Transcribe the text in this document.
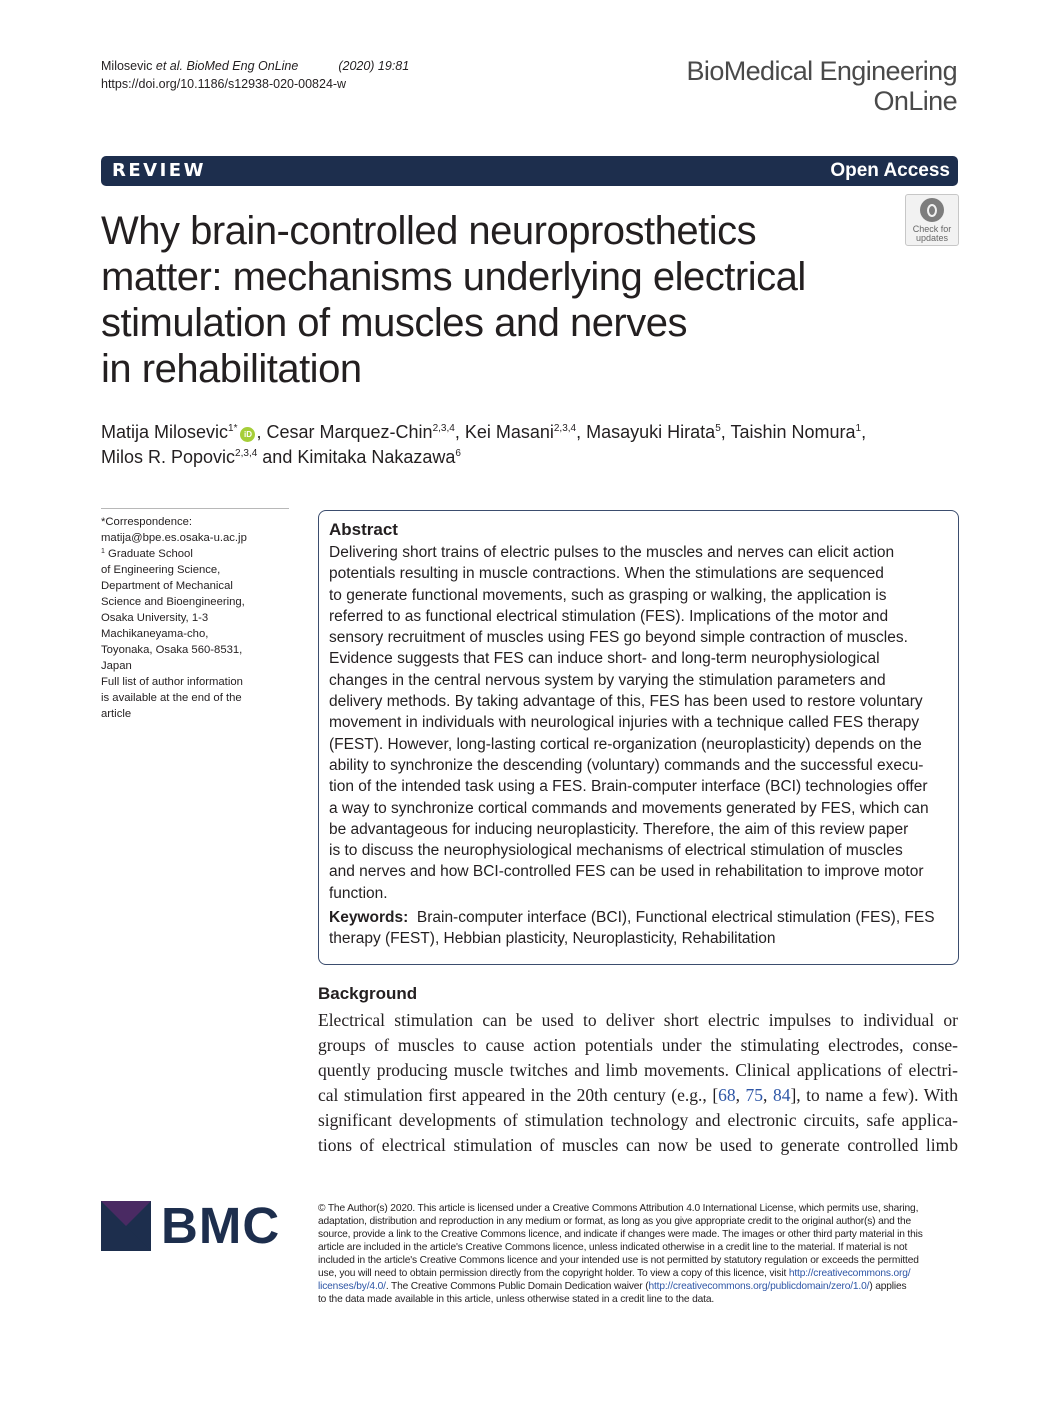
Milosevic et al. BioMed Eng OnLine	(2020) 19:81
https://doi.org/10.1186/s12938-020-00824-w	BioMedical Engineering
OnLine
REVIEW	Open Access
Why brain-controlled neuroprosthetics
matter: mechanisms underlying electrical
stimulation of muscles and nerves
in rehabilitation
Check for
updates
Matija Milosevic$^{1*}$iD , Cesar Marquez-Chin$^{2,3,4}$, Kei Masani$^{2,3,4}$, Masayuki Hirata$^5$, Taishin Nomura$^1$,
Milos R. Popovic$^{2,3,4}$ and Kimitaka Nakazawa$^6$
*Correspondence:
matija@bpe.es.osaka-u.ac.jp
$^1$ Graduate School
of Engineering Science,
Department of Mechanical
Science and Bioengineering,
Osaka University, 1-3
Machikaneyama-cho,
Toyonaka, Osaka 560-8531,
Japan
Full list of author information
is available at the end of the
article
Abstract
Delivering short trains of electric pulses to the muscles and nerves can elicit action
potentials resulting in muscle contractions. When the stimulations are sequenced
to generate functional movements, such as grasping or walking, the application is
referred to as functional electrical stimulation (FES). Implications of the motor and
sensory recruitment of muscles using FES go beyond simple contraction of muscles.
Evidence suggests that FES can induce short- and long-term neurophysiological
changes in the central nervous system by varying the stimulation parameters and
delivery methods. By taking advantage of this, FES has been used to restore voluntary
movement in individuals with neurological injuries with a technique called FES therapy
(FEST). However, long-lasting cortical re-organization (neuroplasticity) depends on the
ability to synchronize the descending (voluntary) commands and the successful execu-
tion of the intended task using a FES. Brain-computer interface (BCI) technologies offer
a way to synchronize cortical commands and movements generated by FES, which can
be advantageous for inducing neuroplasticity. Therefore, the aim of this review paper
is to discuss the neurophysiological mechanisms of electrical stimulation of muscles
and nerves and how BCI-controlled FES can be used in rehabilitation to improve motor
function.
Keywords: Brain-computer interface (BCI), Functional electrical stimulation (FES), FES
therapy (FEST), Hebbian plasticity, Neuroplasticity, Rehabilitation
Background
Electrical stimulation can be used to deliver short electric impulses to individual or
groups of muscles to cause action potentials under the stimulating electrodes, conse-
quently producing muscle twitches and limb movements. Clinical applications of electri-
cal stimulation first appeared in the 20th century (e.g., [68, 75, 84], to name a few). With
significant developments of stimulation technology and electronic circuits, safe applica-
tions of electrical stimulation of muscles can now be used to generate controlled limb
BMC	© The Author(s) 2020. This article is licensed under a Creative Commons Attribution 4.0 International License, which permits use, sharing,
adaptation, distribution and reproduction in any medium or format, as long as you give appropriate credit to the original author(s) and the
source, provide a link to the Creative Commons licence, and indicate if changes were made. The images or other third party material in this
article are included in the article's Creative Commons licence, unless indicated otherwise in a credit line to the material. If material is not
included in the article's Creative Commons licence and your intended use is not permitted by statutory regulation or exceeds the permitted
use, you will need to obtain permission directly from the copyright holder. To view a copy of this licence, visit http://creativecommons.org/
licenses/by/4.0/. The Creative Commons Public Domain Dedication waiver (http://creativecommons.org/publicdomain/zero/1.0/) applies
to the data made available in this article, unless otherwise stated in a credit line to the data.
